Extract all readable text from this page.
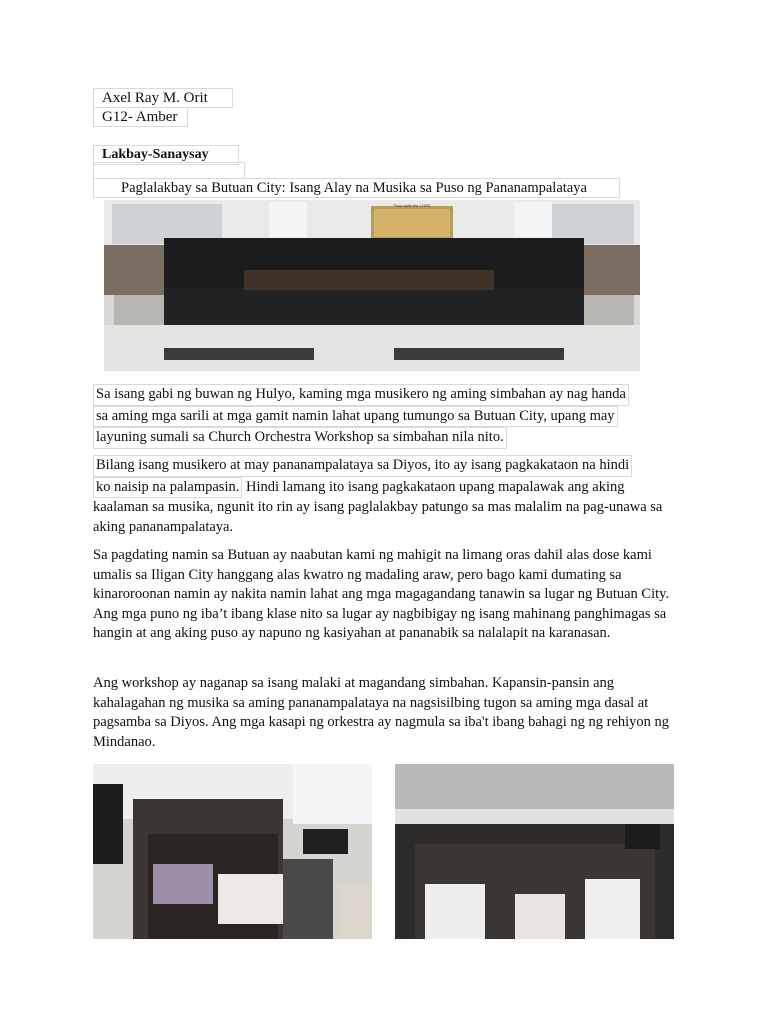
Axel Ray M. Orit
G12- Amber
Lakbay-Sanaysay
Paglalakbay sa Butuan City: Isang Alay na Musika sa Puso ng Pananampalataya
Thou saith the LORD
Sa isang gabi ng buwan ng Hulyo, kaming mga musikero ng aming simbahan ay nag handa
sa aming mga sarili at mga gamit namin lahat upang tumungo sa Butuan City, upang may
layuning sumali sa Church Orchestra Workshop sa simbahan nila nito.
Bilang isang musikero at may pananampalataya sa Diyos, ito ay isang pagkakataon na hindi
ko naisip na palampasin. Hindi lamang ito isang pagkakataon upang mapalawak ang aking kaalaman sa musika, ngunit ito rin ay isang paglalakbay patungo sa mas malalim na pag-unawa sa aking pananampalataya.

Sa pagdating namin sa Butuan ay naabutan kami ng mahigit na limang oras dahil alas dose kami umalis sa Iligan City hanggang alas kwatro ng madaling araw, pero bago kami dumating sa kinaroroonan namin ay nakita namin lahat ang mga magagandang tanawin sa lugar ng Butuan City. Ang mga puno ng iba’t ibang klase nito sa lugar ay nagbibigay ng isang mahinang panghimagas sa hangin at ang aking puso ay napuno ng kasiyahan at pananabik sa nalalapit na karanasan.

Ang workshop ay naganap sa isang malaki at magandang simbahan. Kapansin-pansin ang kahalagahan ng musika sa aming pananampalataya na nagsisilbing tugon sa aming mga dasal at pagsamba sa Diyos. Ang mga kasapi ng orkestra ay nagmula sa iba't ibang bahagi ng ng rehiyon ng Mindanao.
